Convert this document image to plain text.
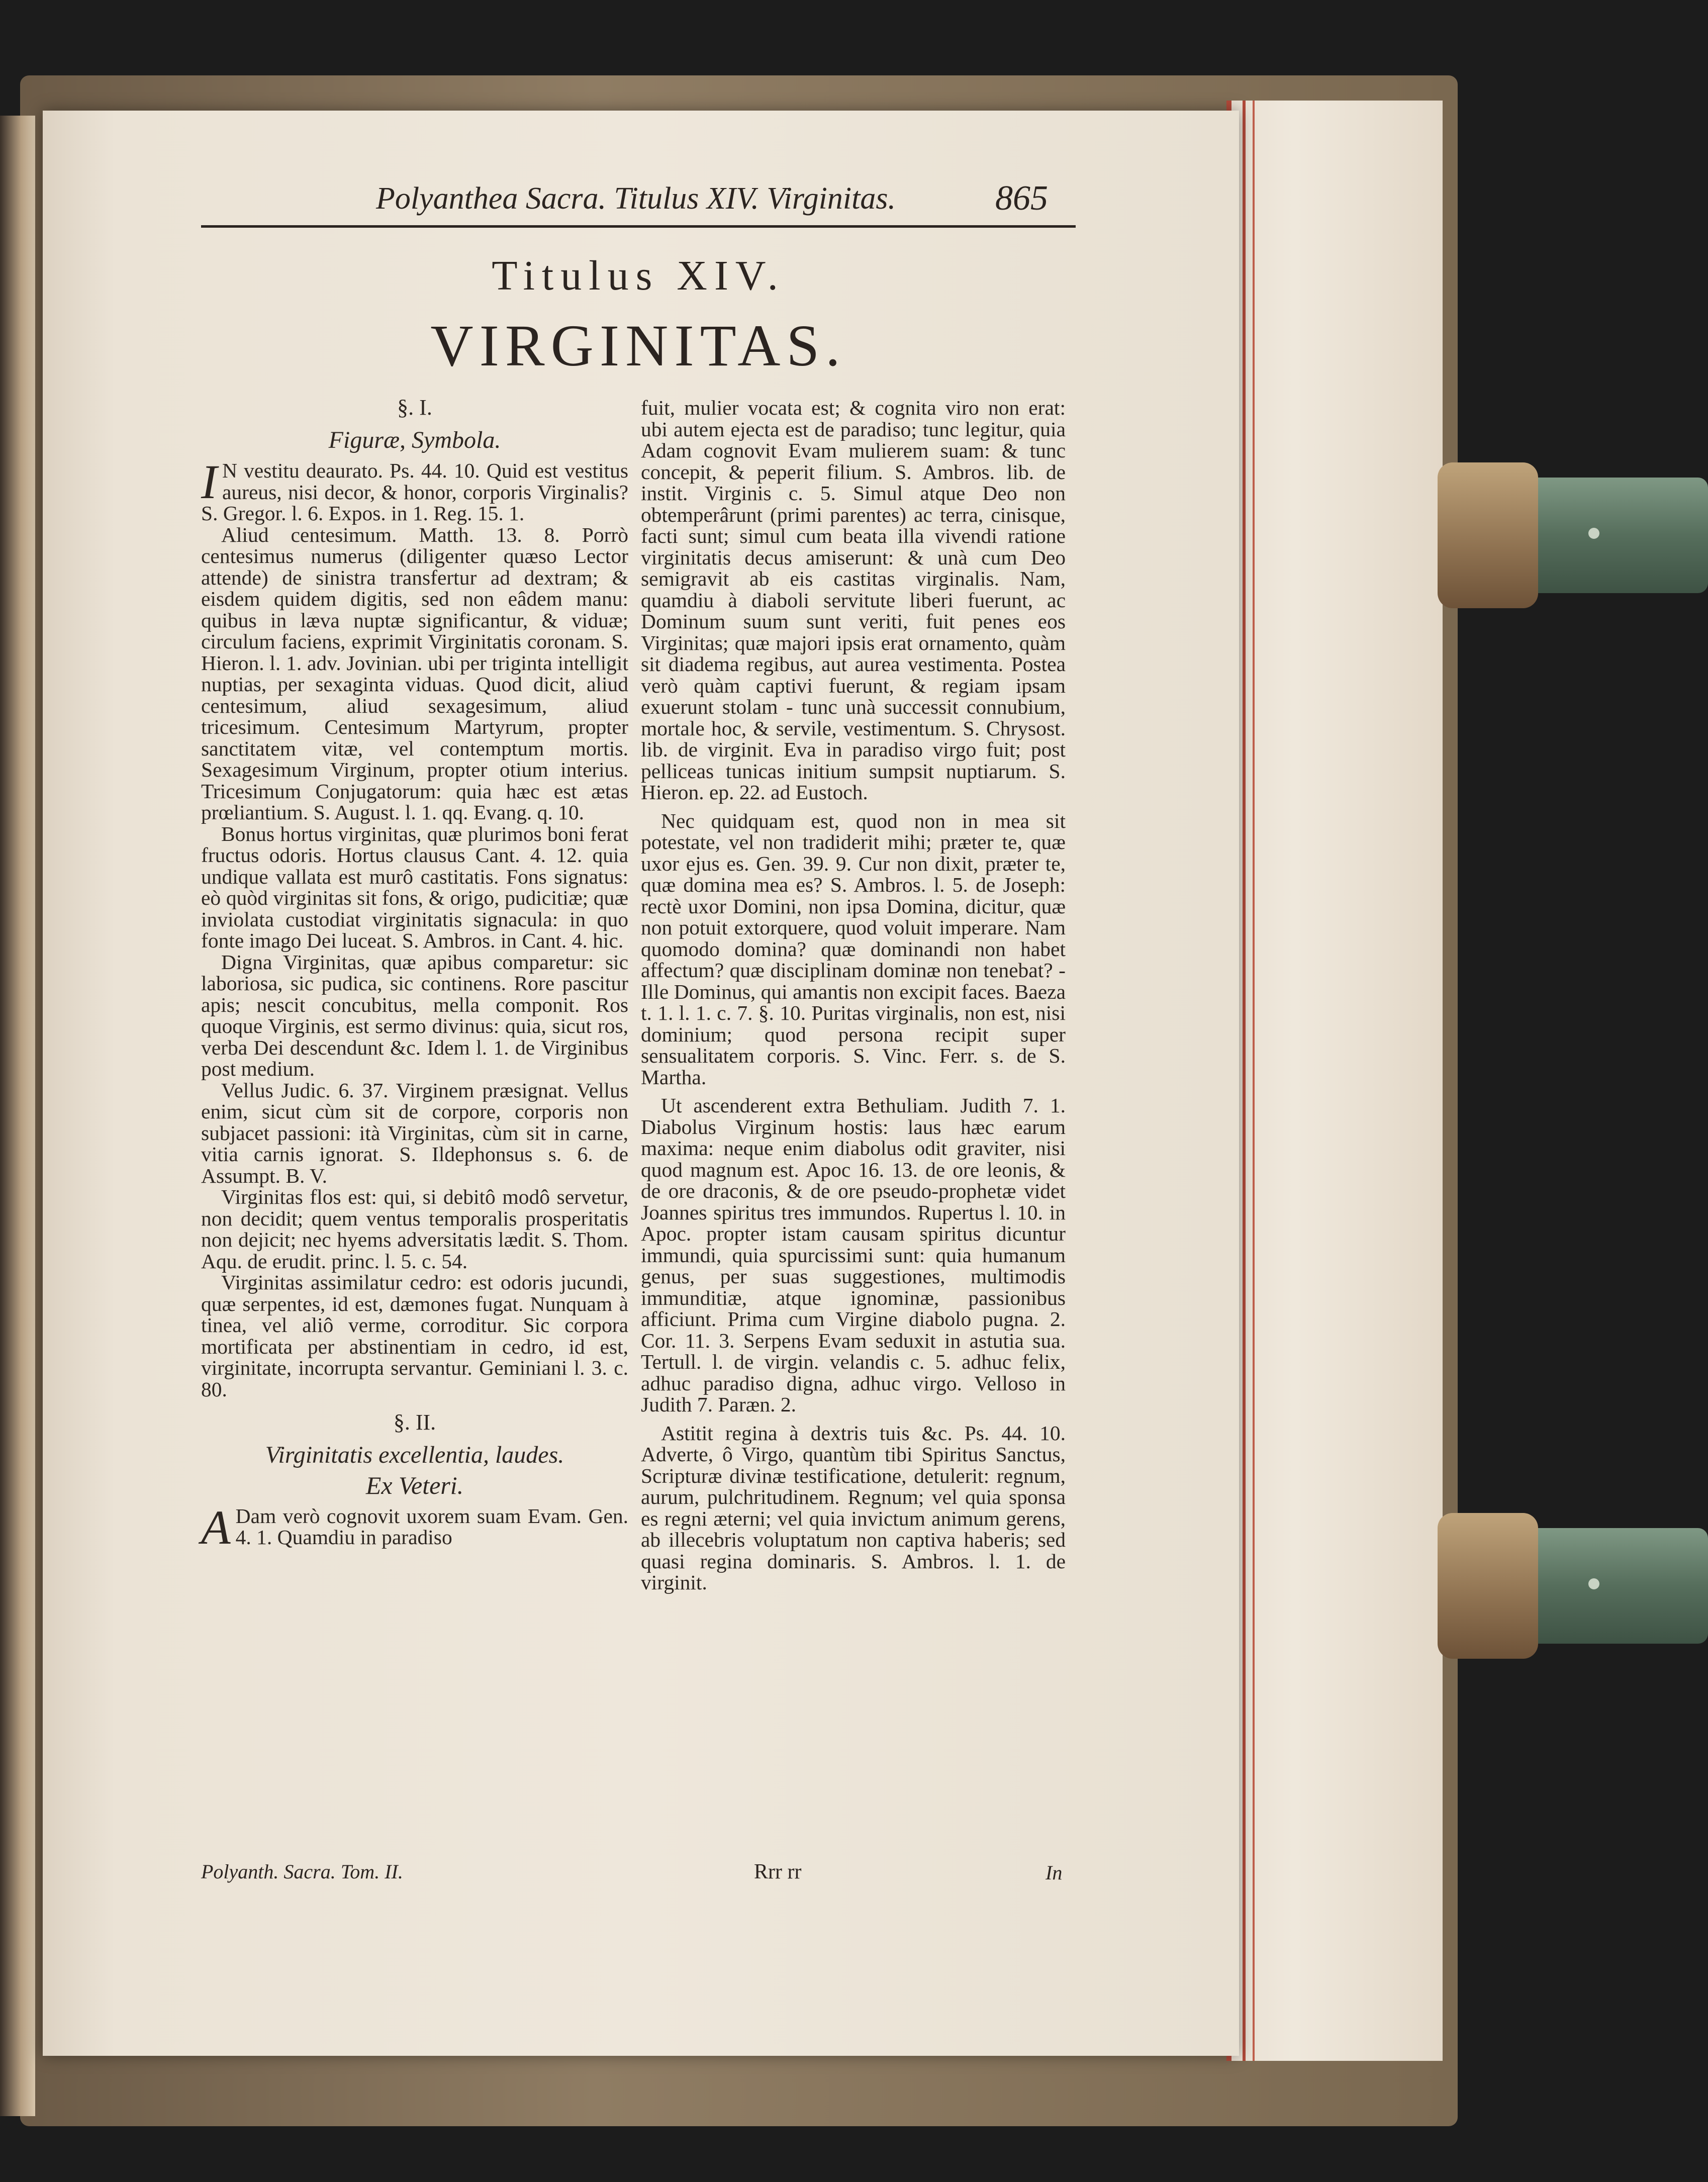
Polyanthea Sacra. Titulus XIV. Virginitas.	865
Titulus XIV.
VIRGINITAS.

§. I.

Figuræ, Symbola.

IN vestitu deaurato. Ps. 44. 10. Quid est vestitus aureus, nisi decor, & honor, corporis Virginalis? S. Gregor. l. 6. Expos. in 1. Reg. 15. 1.

Aliud centesimum. Matth. 13. 8. Porrò centesimus numerus (diligenter quæso Lector attende) de sinistra transfertur ad dextram; & eisdem quidem digitis, sed non eâdem manu: quibus in læva nuptæ significantur, & viduæ; circulum faciens, exprimit Virginitatis coronam. S. Hieron. l. 1. adv. Jovinian. ubi per triginta intelligit nuptias, per sexaginta viduas. Quod dicit, aliud centesimum, aliud sexagesimum, aliud tricesimum. Centesimum Martyrum, propter sanctitatem vitæ, vel contemptum mortis. Sexagesimum Virginum, propter otium interius. Tricesimum Conjugatorum: quia hæc est ætas prœliantium. S. August. l. 1. qq. Evang. q. 10.

Bonus hortus virginitas, quæ plurimos boni ferat fructus odoris. Hortus clausus Cant. 4. 12. quia undique vallata est murô castitatis. Fons signatus: eò quòd virginitas sit fons, & origo, pudicitiæ; quæ inviolata custodiat virginitatis signacula: in quo fonte imago Dei luceat. S. Ambros. in Cant. 4. hic.

Digna Virginitas, quæ apibus comparetur: sic laboriosa, sic pudica, sic continens. Rore pascitur apis; nescit concubitus, mella componit. Ros quoque Virginis, est sermo divinus: quia, sicut ros, verba Dei descendunt &c. Idem l. 1. de Virginibus post medium.

Vellus Judic. 6. 37. Virginem præsignat. Vellus enim, sicut cùm sit de corpore, corporis non subjacet passioni: ità Virginitas, cùm sit in carne, vitia carnis ignorat. S. Ildephonsus s. 6. de Assumpt. B. V.

Virginitas flos est: qui, si debitô modô servetur, non decidit; quem ventus temporalis prosperitatis non dejicit; nec hyems adversitatis lædit. S. Thom. Aqu. de erudit. princ. l. 5. c. 54.

Virginitas assimilatur cedro: est odoris jucundi, quæ serpentes, id est, dæmones fugat. Nunquam à tinea, vel aliô verme, corroditur. Sic corpora mortificata per abstinentiam in cedro, id est, virginitate, incorrupta servantur. Geminiani l. 3. c. 80.

§. II.

Virginitatis excellentia, laudes.

Ex Veteri.

ADam verò cognovit uxorem suam Evam. Gen. 4. 1. Quamdiu in paradiso

fuit, mulier vocata est; & cognita viro non erat: ubi autem ejecta est de paradiso; tunc legitur, quia Adam cognovit Evam mulierem suam: & tunc concepit, & peperit filium. S. Ambros. lib. de instit. Virginis c. 5. Simul atque Deo non obtemperârunt (primi parentes) ac terra, cinisque, facti sunt; simul cum beata illa vivendi ratione virginitatis decus amiserunt: & unà cum Deo semigravit ab eis castitas virginalis. Nam, quamdiu à diaboli servitute liberi fuerunt, ac Dominum suum sunt veriti, fuit penes eos Virginitas; quæ majori ipsis erat ornamento, quàm sit diadema regibus, aut aurea vestimenta. Postea verò quàm captivi fuerunt, & regiam ipsam exuerunt stolam - tunc unà successit connubium, mortale hoc, & servile, vestimentum. S. Chrysost. lib. de virginit. Eva in paradiso virgo fuit; post pelliceas tunicas initium sumpsit nuptiarum. S. Hieron. ep. 22. ad Eustoch.

Nec quidquam est, quod non in mea sit potestate, vel non tradiderit mihi; præter te, quæ uxor ejus es. Gen. 39. 9. Cur non dixit, præter te, quæ domina mea es? S. Ambros. l. 5. de Joseph: rectè uxor Domini, non ipsa Domina, dicitur, quæ non potuit extorquere, quod voluit imperare. Nam quomodo domina? quæ dominandi non habet affectum? quæ disciplinam dominæ non tenebat? - Ille Dominus, qui amantis non excipit faces. Baeza t. 1. l. 1. c. 7. §. 10. Puritas virginalis, non est, nisi dominium; quod persona recipit super sensualitatem corporis. S. Vinc. Ferr. s. de S. Martha.

Ut ascenderent extra Bethuliam. Judith 7. 1. Diabolus Virginum hostis: laus hæc earum maxima: neque enim diabolus odit graviter, nisi quod magnum est. Apoc 16. 13. de ore leonis, & de ore draconis, & de ore pseudo-prophetæ videt Joannes spiritus tres immundos. Rupertus l. 10. in Apoc. propter istam causam spiritus dicuntur immundi, quia spurcissimi sunt: quia humanum genus, per suas suggestiones, multimodis immunditiæ, atque ignominæ, passionibus afficiunt. Prima cum Virgine diabolo pugna. 2. Cor. 11. 3. Serpens Evam seduxit in astutia sua. Tertull. l. de virgin. velandis c. 5. adhuc felix, adhuc paradiso digna, adhuc virgo. Velloso in Judith 7. Paræn. 2.

Astitit regina à dextris tuis &c. Ps. 44. 10. Adverte, ô Virgo, quantùm tibi Spiritus Sanctus, Scripturæ divinæ testificatione, detulerit: regnum, aurum, pulchritudinem. Regnum; vel quia sponsa es regni æterni; vel quia invictum animum gerens, ab illecebris voluptatum non captiva haberis; sed quasi regina dominaris. S. Ambros. l. 1. de virginit.

Polyanth. Sacra. Tom. II.	Rrr rr	In
